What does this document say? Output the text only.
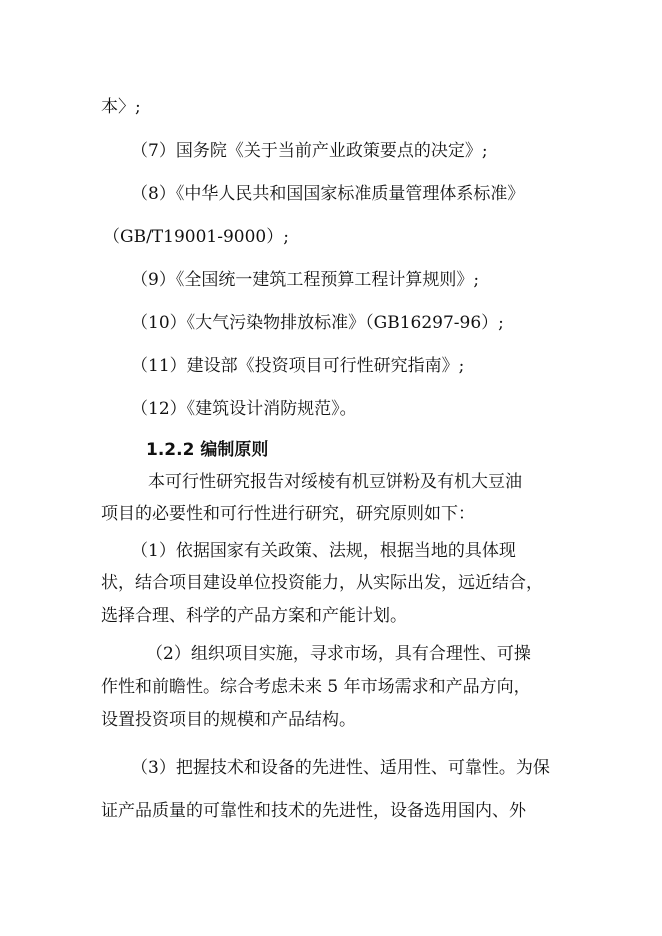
本〉;
（7）国务院《关于当前产业政策要点的决定》;
（8）《中华人民共和国国家标准质量管理体系标准》
（GB/T19001-9000）;
（9）《全国统一建筑工程预算工程计算规则》;
（10）《大气污染物排放标准》（GB16297-96）;
（11）建设部《投资项目可行性研究指南》;
（12）《建筑设计消防规范》。
1.2.2 编制原则
本可行性研究报告对绥棱有机豆饼粉及有机大豆油
项目的必要性和可行性进行研究，研究原则如下：
（1）依据国家有关政策、法规，根据当地的具体现
状，结合项目建设单位投资能力，从实际出发，远近结合，
选择合理、科学的产品方案和产能计划。
（2）组织项目实施，寻求市场，具有合理性、可操
作性和前瞻性。综合考虑未来 5 年市场需求和产品方向，
设置投资项目的规模和产品结构。
（3）把握技术和设备的先进性、适用性、可靠性。为保
证产品质量的可靠性和技术的先进性，设备选用国内、外
